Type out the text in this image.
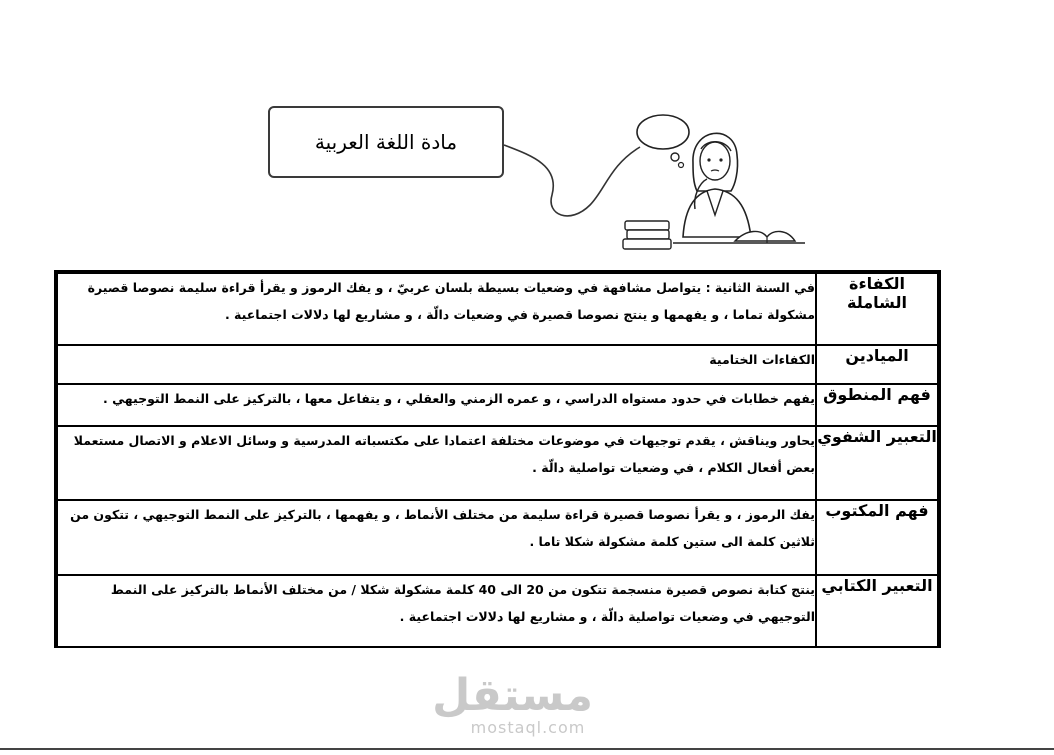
مادة اللغة العربية
الكفاءة الشاملة	في السنة الثانية : يتواصل مشافهة في وضعيات بسيطة بلسان عربيّ ، و يفك الرموز و يقرأ قراءة سليمة نصوصا قصيرة مشكولة تماما ، و يفهمها و ينتج نصوصا قصيرة في وضعيات دالّة ، و مشاريع لها دلالات اجتماعية .
الميادين	الكفاءات الختامية
فهم المنطوق	يفهم خطابات في حدود مستواه الدراسي ، و عمره الزمني والعقلي ، و يتفاعل معها ، بالتركيز على النمط التوجيهي .
التعبير الشفوي	يحاور ويناقش ، يقدم توجيهات في موضوعات مختلفة اعتمادا على مكتسباته المدرسية و وسائل الاعلام و الاتصال مستعملا بعض أفعال الكلام ، في وضعيات تواصلية دالّة .
فهم المكتوب	يفك الرموز ، و يقرأ نصوصا قصيرة قراءة سليمة من مختلف الأنماط ، و يفهمها ، بالتركيز على النمط التوجيهي ، تتكون من ثلاثين كلمة الى ستين كلمة مشكولة شكلا تاما .
التعبير الكتابي	ينتج كتابة نصوص قصيرة منسجمة تتكون من 20 الى 40 كلمة مشكولة شكلا / من مختلف الأنماط بالتركيز على النمط التوجيهي في وضعيات تواصلية دالّة ، و مشاريع لها دلالات اجتماعية .
مستقل
mostaql.com
